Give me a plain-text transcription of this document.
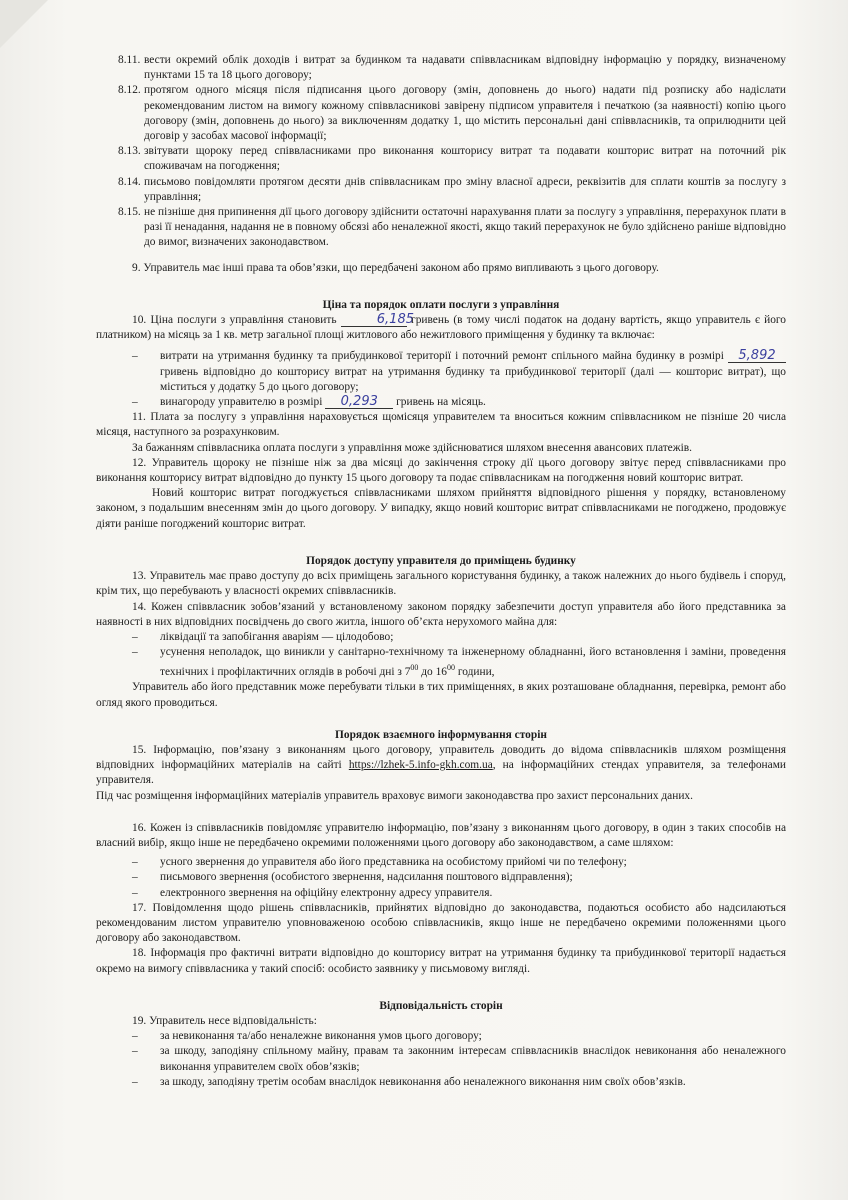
8.11. вести окремий облік доходів і витрат за будинком та надавати співвласникам відповідну інформацію у порядку, визначеному пунктами 15 та 18 цього договору;
8.12. протягом одного місяця після підписання цього договору (змін, доповнень до нього) надати під розписку або надіслати рекомендованим листом на вимогу кожному співвласникові завірену підписом управителя і печаткою (за наявності) копію цього договору (змін, доповнень до нього) за виключенням додатку 1, що містить персональні дані співвласників, та оприлюднити цей договір у засобах масової інформації;
8.13. звітувати щороку перед співвласниками про виконання кошторису витрат та подавати кошторис витрат на поточний рік споживачам на погодження;
8.14. письмово повідомляти протягом десяти днів співвласникам про зміну власної адреси, реквізитів для сплати коштів за послугу з управління;
8.15. не пізніше дня припинення дії цього договору здійснити остаточні нарахування плати за послугу з управління, перерахунок плати в разі її ненадання, надання не в повному обсязі або неналежної якості, якщо такий перерахунок не було здійснено раніше відповідно до вимог, визначених законодавством.

9. Управитель має інші права та обов’язки, що передбачені законом або прямо випливають з цього договору.

Ціна та порядок оплати послуги з управління

10. Ціна послуги з управління становить	6,185 гривень (в тому числі податок на додану вартість, якщо управитель є його платником) на місяць за 1 кв. метр загальної площі житлового або нежитлового приміщення у будинку та включає:

–	витрати на утримання будинку та прибудинкової території і поточний ремонт спільного майна будинку в розмірі 5,892 гривень відповідно до кошторису витрат на утримання будинку та прибудинкової території (далі — кошторис витрат), що міститься у додатку 5 до цього договору;
–	винагороду управителю в розмірі 0,293 гривень на місяць.

11. Плата за послугу з управління нараховується щомісяця управителем та вноситься кожним співвласником не пізніше 20 числа місяця, наступного за розрахунковим.

За бажанням співвласника оплата послуги з управління може здійснюватися шляхом внесення авансових платежів.

12. Управитель щороку не пізніше ніж за два місяці до закінчення строку дії цього договору звітує перед співвласниками про виконання кошторису витрат відповідно до пункту 15 цього договору та подає співвласникам на погодження новий кошторис витрат.

Новий кошторис витрат погоджується співвласниками шляхом прийняття відповідного рішення у порядку, встановленому законом, з подальшим внесенням змін до цього договору. У випадку, якщо новий кошторис витрат співвласниками не погоджено, продовжує діяти раніше погоджений кошторис витрат.

Порядок доступу управителя до приміщень будинку

13. Управитель має право доступу до всіх приміщень загального користування будинку, а також належних до нього будівель і споруд, крім тих, що перебувають у власності окремих співвласників.

14. Кожен співвласник зобов’язаний у встановленому законом порядку забезпечити доступ управителя або його представника за наявності в них відповідних посвідчень до свого житла, іншого об’єкта нерухомого майна для:

–	ліквідації та запобігання аваріям — цілодобово;
–	усунення неполадок, що виникли у санітарно-технічному та інженерному обладнанні, його встановлення і заміни, проведення технічних і профілактичних оглядів в робочі дні з $7^{00}$ до $16^{00}$ години,

Управитель або його представник може перебувати тільки в тих приміщеннях, в яких розташоване обладнання, перевірка, ремонт або огляд якого проводиться.

Порядок взаємного інформування сторін

15. Інформацію, пов’язану з виконанням цього договору, управитель доводить до відома співвласників шляхом розміщення відповідних інформаційних матеріалів на сайті https://lzhek-5.info-gkh.com.ua, на інформаційних стендах управителя, за телефонами управителя.

Під час розміщення інформаційних матеріалів управитель враховує вимоги законодавства про захист персональних даних.

16. Кожен із співвласників повідомляє управителю інформацію, пов’язану з виконанням цього договору, в один з таких способів на власний вибір, якщо інше не передбачено окремими положеннями цього договору або законодавством, а саме шляхом:

–	усного звернення до управителя або його представника на особистому прийомі чи по телефону;
–	письмового звернення (особистого звернення, надсилання поштового відправлення);
–	електронного звернення на офіційну електронну адресу управителя.

17. Повідомлення щодо рішень співвласників, прийнятих відповідно до законодавства, подаються особисто або надсилаються рекомендованим листом управителю уповноваженою особою співвласників, якщо інше не передбачено окремими положеннями цього договору або законодавством.

18. Інформація про фактичні витрати відповідно до кошторису витрат на утримання будинку та прибудинкової території надається окремо на вимогу співвласника у такий спосіб: особисто заявнику у письмовому вигляді.

Відповідальність сторін

19. Управитель несе відповідальність:

–	за невиконання та/або неналежне виконання умов цього договору;
–	за шкоду, заподіяну спільному майну, правам та законним інтересам співвласників внаслідок невиконання або неналежного виконання управителем своїх обов’язків;
–	за шкоду, заподіяну третім особам внаслідок невиконання або неналежного виконання ним своїх обов’язків.
